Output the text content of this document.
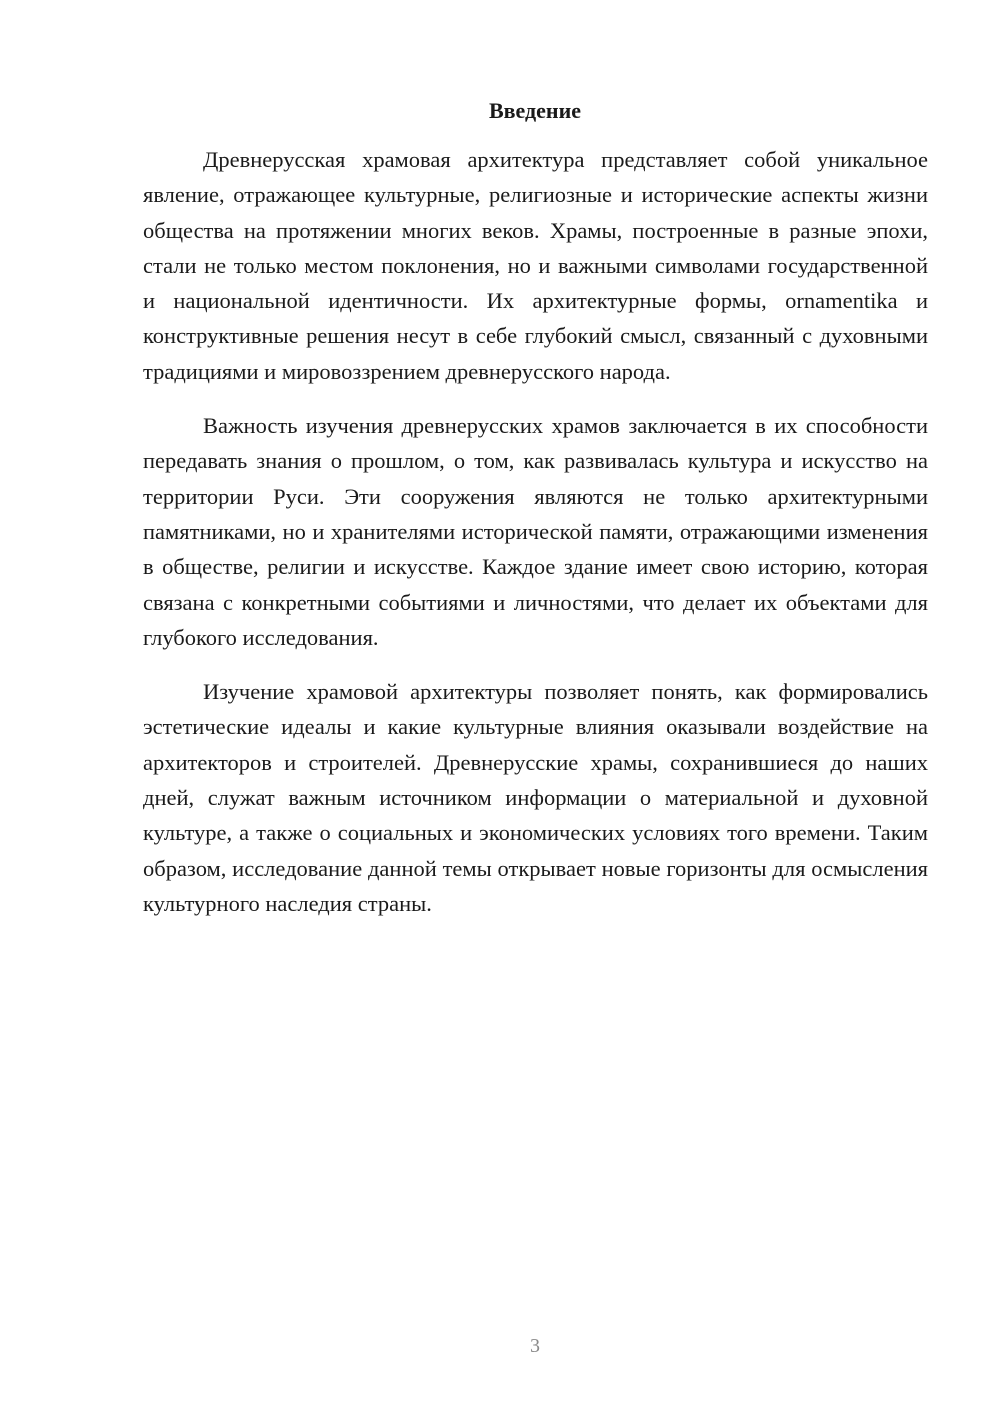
Введение

Древнерусская храмовая архитектура представляет собой уникальное явление, отражающее культурные, религиозные и исторические аспекты жизни общества на протяжении многих веков. Храмы, построенные в разные эпохи, стали не только местом поклонения, но и важными символами государственной и национальной идентичности. Их архитектурные формы, ornamentika и конструктивные решения несут в себе глубокий смысл, связанный с духовными традициями и мировоззрением древнерусского народа.

Важность изучения древнерусских храмов заключается в их способности передавать знания о прошлом, о том, как развивалась культура и искусство на территории Руси. Эти сооружения являются не только архитектурными памятниками, но и хранителями исторической памяти, отражающими изменения в обществе, религии и искусстве. Каждое здание имеет свою историю, которая связана с конкретными событиями и личностями, что делает их объектами для глубокого исследования.

Изучение храмовой архитектуры позволяет понять, как формировались эстетические идеалы и какие культурные влияния оказывали воздействие на архитекторов и строителей. Древнерусские храмы, сохранившиеся до наших дней, служат важным источником информации о материальной и духовной культуре, а также о социальных и экономических условиях того времени. Таким образом, исследование данной темы открывает новые горизонты для осмысления культурного наследия страны.

3
